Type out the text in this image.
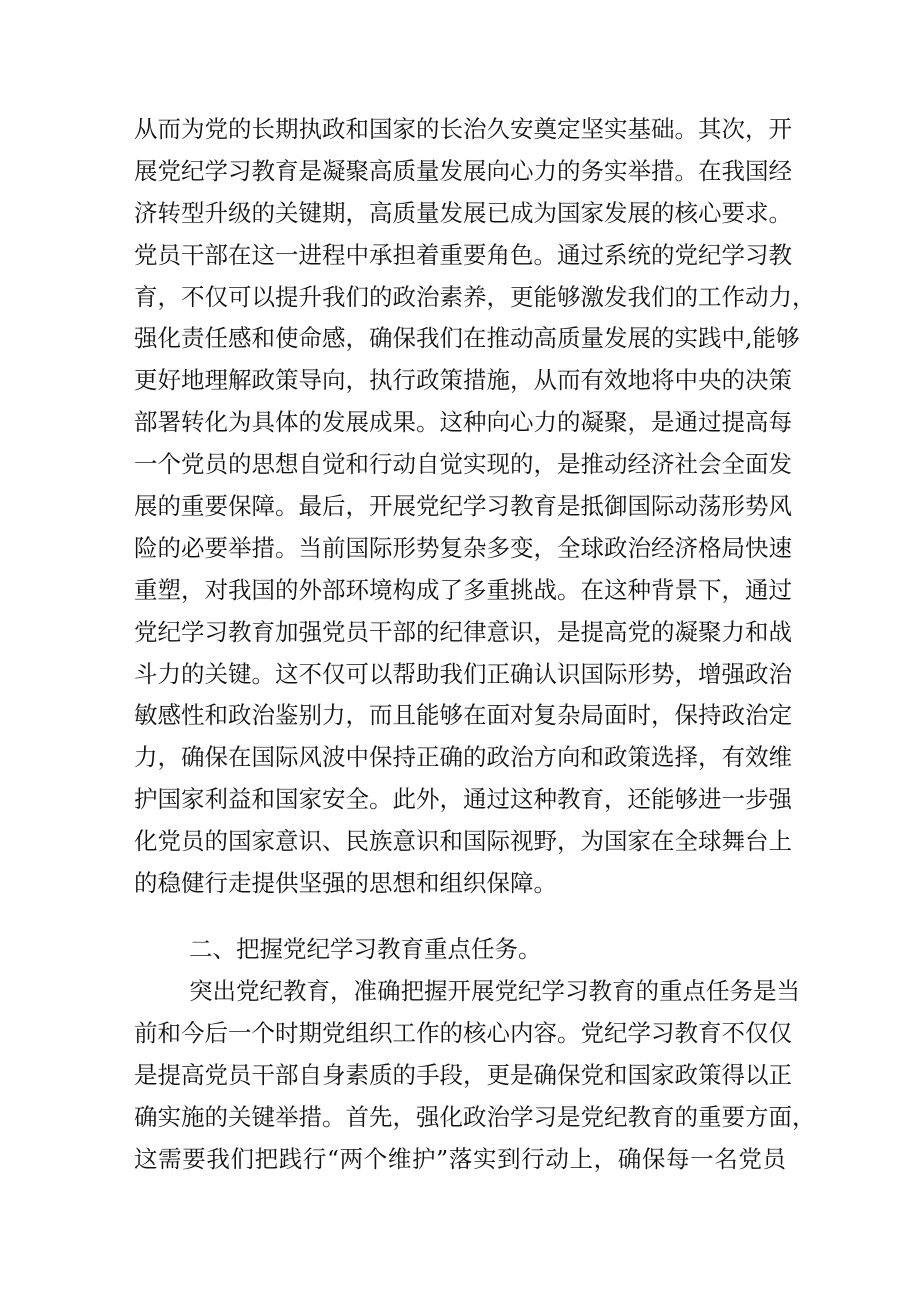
从而为党的长期执政和国家的长治久安奠定坚实基础。其次，开
展党纪学习教育是凝聚高质量发展向心力的务实举措。在我国经
济转型升级的关键期，高质量发展已成为国家发展的核心要求。
党员干部在这一进程中承担着重要角色。通过系统的党纪学习教
育，不仅可以提升我们的政治素养，更能够激发我们的工作动力，
强化责任感和使命感，确保我们在推动高质量发展的实践中,能够
更好地理解政策导向，执行政策措施，从而有效地将中央的决策
部署转化为具体的发展成果。这种向心力的凝聚，是通过提高每
一个党员的思想自觉和行动自觉实现的，是推动经济社会全面发
展的重要保障。最后，开展党纪学习教育是抵御国际动荡形势风
险的必要举措。当前国际形势复杂多变，全球政治经济格局快速
重塑，对我国的外部环境构成了多重挑战。在这种背景下，通过
党纪学习教育加强党员干部的纪律意识，是提高党的凝聚力和战
斗力的关键。这不仅可以帮助我们正确认识国际形势，增强政治
敏感性和政治鉴别力，而且能够在面对复杂局面时，保持政治定
力，确保在国际风波中保持正确的政治方向和政策选择，有效维
护国家利益和国家安全。此外，通过这种教育，还能够进一步强
化党员的国家意识、民族意识和国际视野，为国家在全球舞台上
的稳健行走提供坚强的思想和组织保障。
二、把握党纪学习教育重点任务。
突出党纪教育，准确把握开展党纪学习教育的重点任务是当
前和今后一个时期党组织工作的核心内容。党纪学习教育不仅仅
是提高党员干部自身素质的手段，更是确保党和国家政策得以正
确实施的关键举措。首先，强化政治学习是党纪教育的重要方面，
这需要我们把践行“两个维护”落实到行动上，确保每一名党员
